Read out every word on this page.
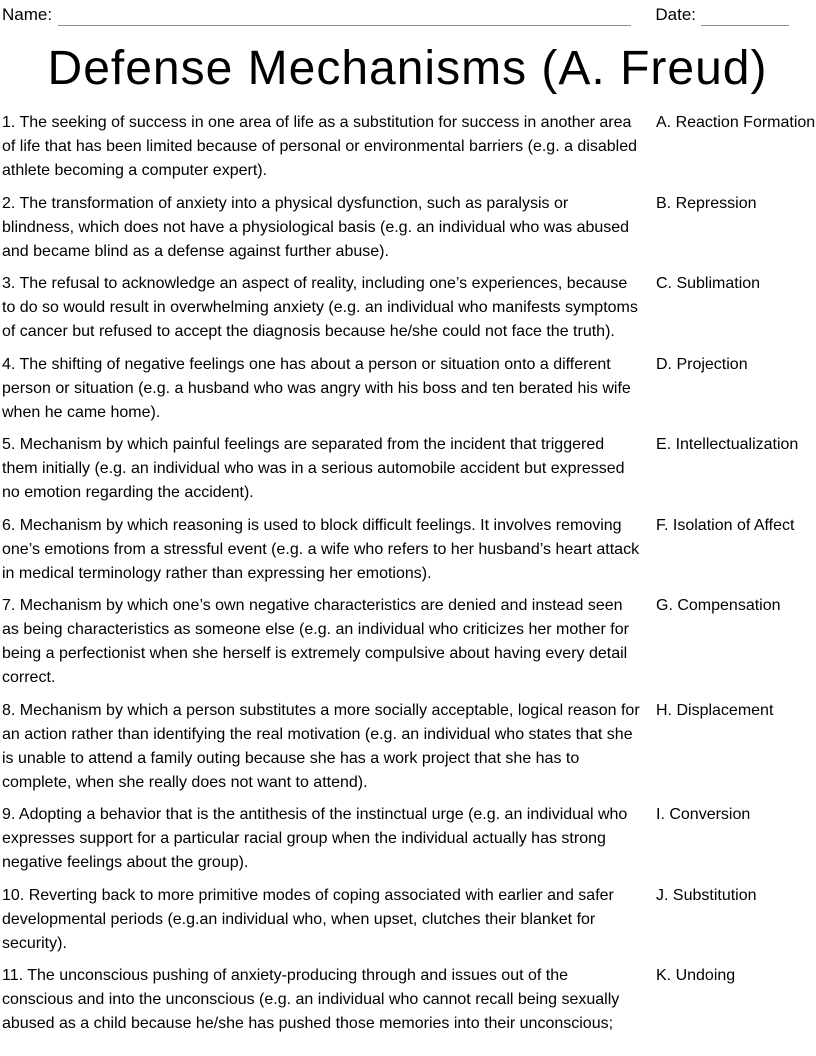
Name:	Date:
Defense Mechanisms (A. Freud)

1. The seeking of success in one area of life as a substitution for success in another area of life that has been limited because of personal or environmental barriers (e.g. a disabled athlete becoming a computer expert).

A. Reaction Formation

2. The transformation of anxiety into a physical dysfunction, such as paralysis or blindness, which does not have a physiological basis (e.g. an individual who was abused and became blind as a defense against further abuse).

B. Repression

3. The refusal to acknowledge an aspect of reality, including one’s experiences, because to do so would result in overwhelming anxiety (e.g. an individual who manifests symptoms of cancer but refused to accept the diagnosis because he/she could not face the truth).

C. Sublimation

4. The shifting of negative feelings one has about a person or situation onto a different person or situation (e.g. a husband who was angry with his boss and ten berated his wife when he came home).

D. Projection

5. Mechanism by which painful feelings are separated from the incident that triggered them initially (e.g. an individual who was in a serious automobile accident but expressed no emotion regarding the accident).

E. Intellectualization

6. Mechanism by which reasoning is used to block difficult feelings. It involves removing one’s emotions from a stressful event (e.g. a wife who refers to her husband’s heart attack in medical terminology rather than expressing her emotions).

F. Isolation of Affect

7. Mechanism by which one’s own negative characteristics are denied and instead seen as being characteristics as someone else (e.g. an individual who criticizes her mother for being a perfectionist when she herself is extremely compulsive about having every detail correct.

G. Compensation

8. Mechanism by which a person substitutes a more socially acceptable, logical reason for an action rather than identifying the real motivation (e.g. an individual who states that she is unable to attend a family outing because she has a work project that she has to complete, when she really does not want to attend).

H. Displacement

9. Adopting a behavior that is the antithesis of the instinctual urge (e.g. an individual who expresses support for a particular racial group when the individual actually has strong negative feelings about the group).

I. Conversion

10. Reverting back to more primitive modes of coping associated with earlier and safer developmental periods (e.g.an individual who, when upset, clutches their blanket for security).

J. Substitution

11. The unconscious pushing of anxiety-producing through and issues out of the conscious and into the unconscious (e.g. an individual who cannot recall being sexually abused as a child because he/she has pushed those memories into their unconscious;

K. Undoing
